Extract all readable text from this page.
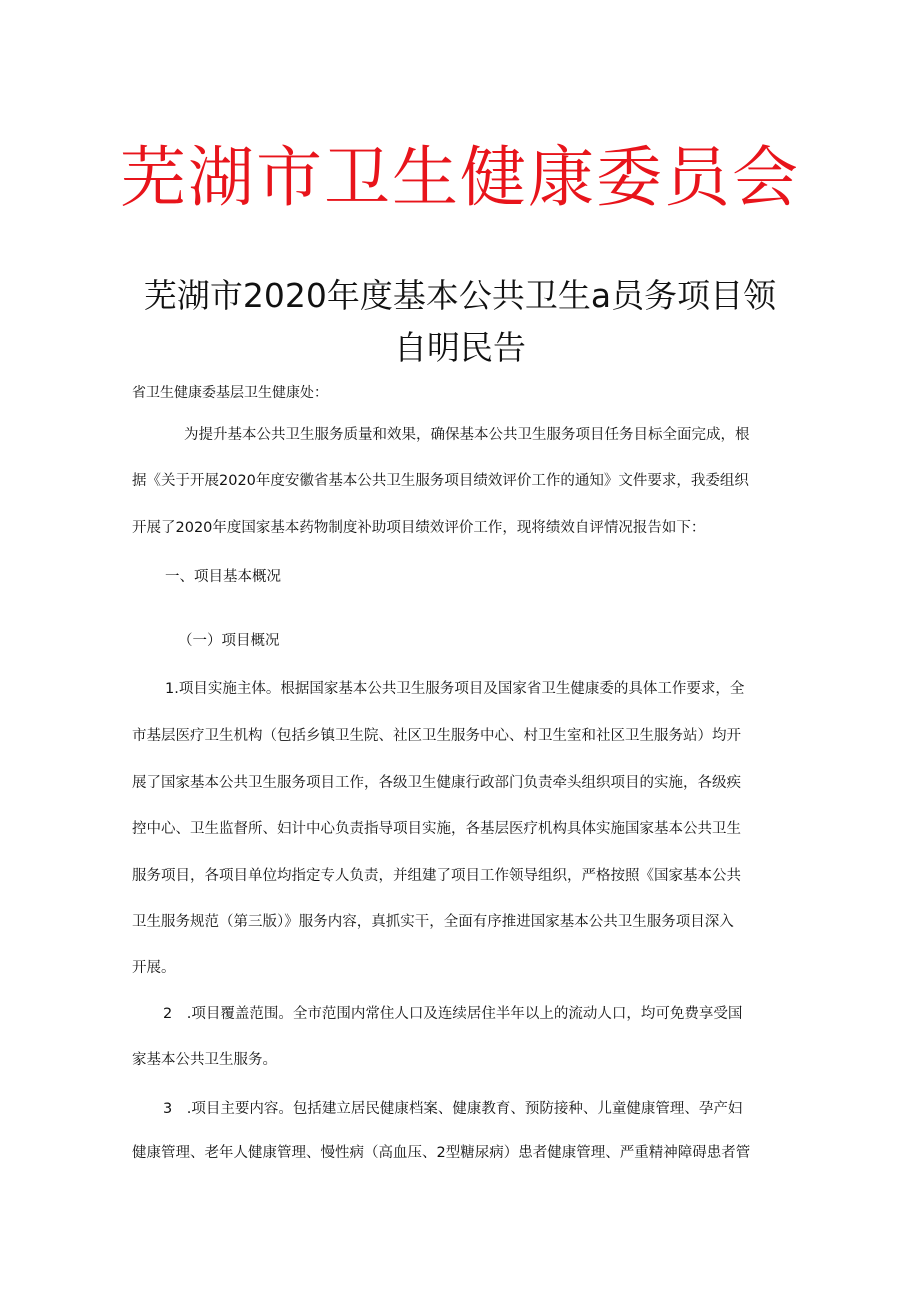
芜湖市卫生健康委员会
芜湖市2020年度基本公共卫生a员务项目领
自明民告
省卫生健康委基层卫生健康处：
为提升基本公共卫生服务质量和效果，确保基本公共卫生服务项目任务目标全面完成，根
据《关于开展2020年度安徽省基本公共卫生服务项目绩效评价工作的通知》文件要求，我委组织
开展了2020年度国家基本药物制度补助项目绩效评价工作，现将绩效自评情况报告如下：
一、项目基本概况
（一）项目概况
1.项目实施主体。根据国家基本公共卫生服务项目及国家省卫生健康委的具体工作要求，全
市基层医疗卫生机构（包括乡镇卫生院、社区卫生服务中心、村卫生室和社区卫生服务站）均开
展了国家基本公共卫生服务项目工作，各级卫生健康行政部门负责牵头组织项目的实施，各级疾
控中心、卫生监督所、妇计中心负责指导项目实施，各基层医疗机构具体实施国家基本公共卫生
服务项目，各项目单位均指定专人负责，并组建了项目工作领导组织，严格按照《国家基本公共
卫生服务规范（第三版）》服务内容，真抓实干，全面有序推进国家基本公共卫生服务项目深入
开展。
2　.项目覆盖范围。全市范围内常住人口及连续居住半年以上的流动人口，均可免费享受国
家基本公共卫生服务。
3　.项目主要内容。包括建立居民健康档案、健康教育、预防接种、儿童健康管理、孕产妇
健康管理、老年人健康管理、慢性病（高血压、2型糖尿病）患者健康管理、严重精神障碍患者管
